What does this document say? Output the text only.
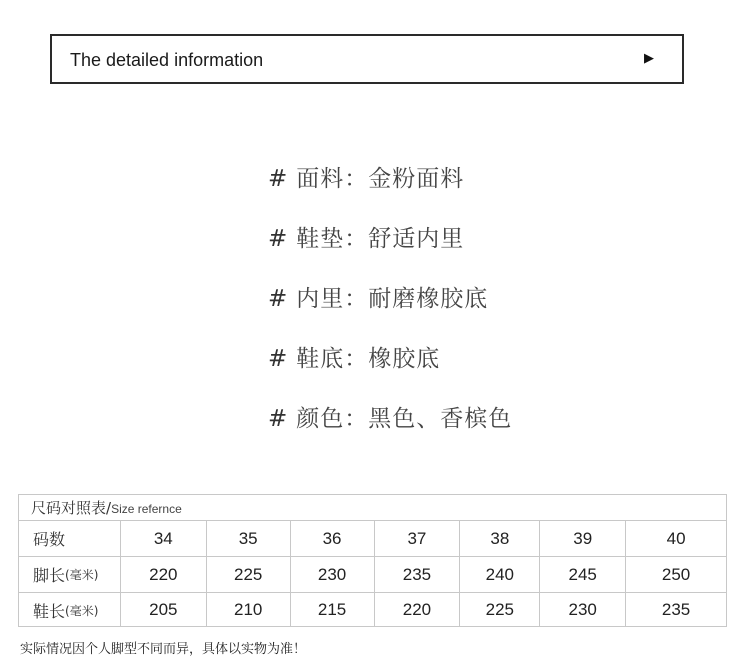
The detailed information	▶
# 面料：金粉面料
# 鞋垫：舒适内里
# 内里：耐磨橡胶底
# 鞋底：橡胶底
# 颜色：黑色、香槟色
尺码对照表/Size refernce
码数	34	35	36	37	38	39	40
脚长 (毫米)	220	225	230	235	240	245	250
鞋长 (毫米)	205	210	215	220	225	230	235
实际情况因个人脚型不同而异，具体以实物为准！
